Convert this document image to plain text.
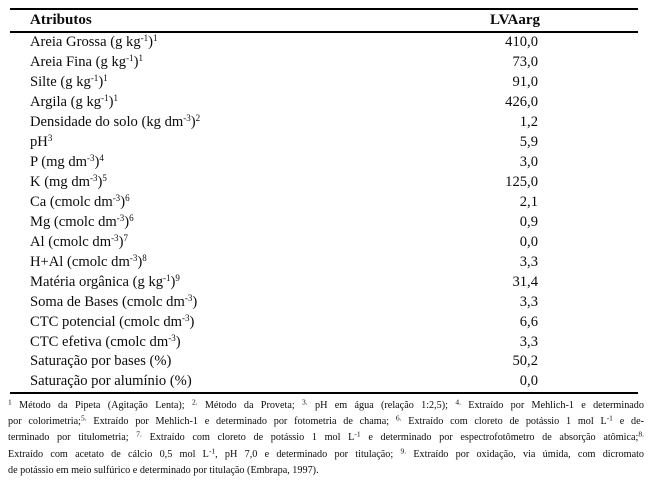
Atributos	LVAarg
Areia Grossa (g $kg^{-1})^1$	410,0
Areia Fina (g $kg^{-1})^1$	73,0
Silte (g $kg^{-1})^1$	91,0
Argila (g $kg^{-1})^1$	426,0
Densidade do solo (kg $dm^{-3})^2$	1,2
$pH^3$	5,9
P (mg $dm^{-3})^4$	3,0
K (mg $dm^{-3})^5$	125,0
Ca (cmolc $dm^{-3})^6$	2,1
Mg (cmolc $dm^{-3})^6$	0,9
Al (cmolc $dm^{-3})^7$	0,0
H+Al (cmolc $dm^{-3})^8$	3,3
Matéria orgânica (g $kg^{-1})^9$	31,4
Soma de Bases (cmolc $dm^{-3}$)	3,3
CTC potencial (cmolc $dm^{-3}$)	6,6
CTC efetiva (cmolc $dm^{-3}$)	3,3
Saturação por bases (%)	50,2
Saturação por alumínio (%)	0,0
$^1$ Método da Pipeta (Agitação Lenta); $^{2.}$ Método da Proveta; $^{3.}$ pH em água (relação 1:2,5); $^{4.}$ Extraído por Mehlich-1 e determinado
por colorimetria;$^{5.}$ Extraído por Mehlich-1 e determinado por fotometria de chama; $^{6.}$ Extraído com cloreto de potássio 1 mol $L^{-1}$ e de-
terminado por titulometria; $^{7.}$ Extraído com cloreto de potássio 1 mol $L^{-1}$ e determinado por espectrofotômetro de absorção atômica;$^{8.}$
Extraído com acetato de cálcio 0,5 mol $L^{-1}$, pH 7,0 e determinado por titulação; $^{9.}$ Extraído por oxidação, via úmida, com dicromato
de potássio em meio sulfúrico e determinado por titulação (Embrapa, 1997).
